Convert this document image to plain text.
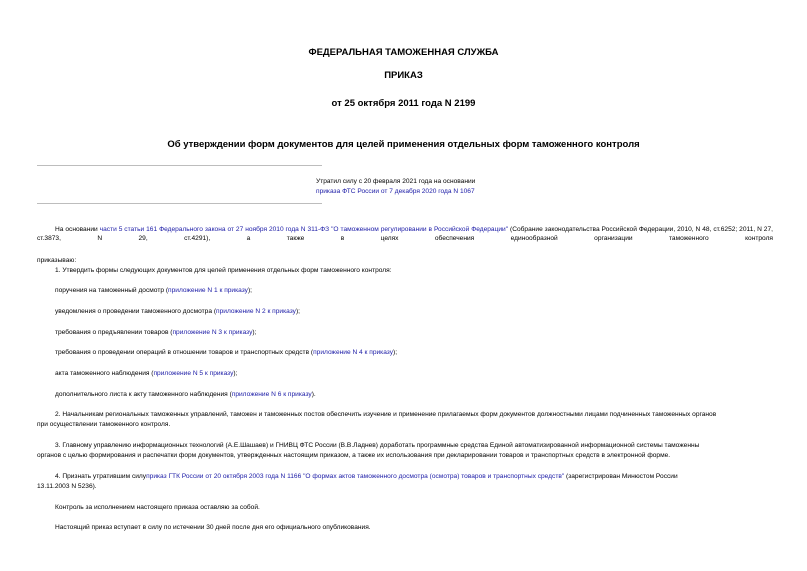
ФЕДЕРАЛЬНАЯ ТАМОЖЕННАЯ СЛУЖБА
ПРИКАЗ
от 25 октября 2011 года N 2199
Об утверждении форм документов для целей применения отдельных форм таможенного контроля
Утратил силу с 20 февраля 2021 года на основании
приказа ФТС России от 7 декабря 2020 года N 1067
На основании части 5 статьи 161 Федерального закона от 27 ноября 2010 года N 311-ФЗ "О таможенном регулировании в Российской Федерации" (Собрание законодательства Российской Федерации, 2010, N 48, ст.6252; 2011, N 27, ст.3873, N 29, ст.4291), а также в целях обеспечения единообразной организации таможенного контроля
приказываю:
1. Утвердить формы следующих документов для целей применения отдельных форм таможенного контроля:
поручения на таможенный досмотр (приложение N 1 к приказу);
уведомления о проведении таможенного досмотра (приложение N 2 к приказу);
требования о предъявлении товаров (приложение N 3 к приказу);
требования о проведении операций в отношении товаров и транспортных средств (приложение N 4 к приказу);
акта таможенного наблюдения (приложение N 5 к приказу);
дополнительного листа к акту таможенного наблюдения (приложение N 6 к приказу).
2. Начальникам региональных таможенных управлений, таможен и таможенных постов обеспечить изучение и применение прилагаемых форм документов должностными лицами подчиненных таможенных органов
при осуществлении таможенного контроля.
3. Главному управлению информационных технологий (А.Е.Шашаев) и ГНИВЦ ФТС России (В.В.Ладнев) доработать программные средства Единой автоматизированной информационной системы таможенны
органов с целью формирования и распечатки форм документов, утвержденных настоящим приказом, а также их использования при декларировании товаров и транспортных средств в электронной форме.
4. Признать утратившим силуприказ ГТК России от 20 октября 2003 года N 1166 "О формах актов таможенного досмотра (осмотра) товаров и транспортных средств" (зарегистрирован Минюстом России
13.11.2003 N 5236).
Контроль за исполнением настоящего приказа оставляю за собой.
Настоящий приказ вступает в силу по истечении 30 дней после дня его официального опубликования.
